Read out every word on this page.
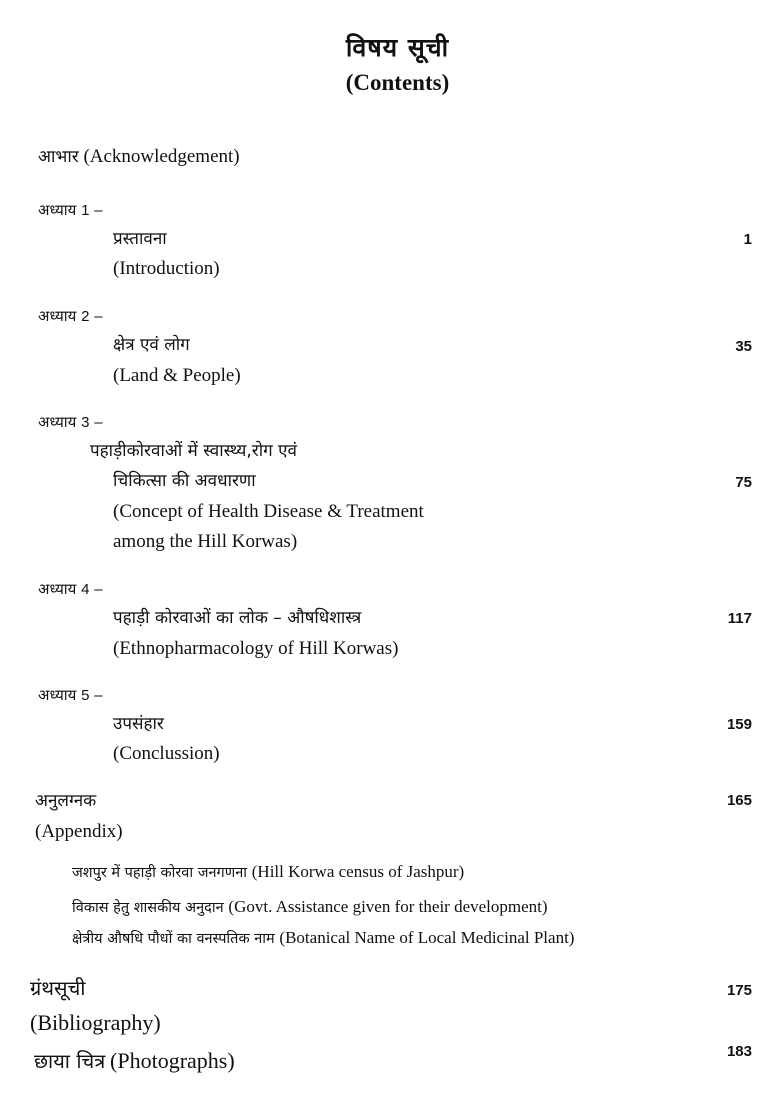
विषय सूची
(Contents)
आभार (Acknowledgement)
अध्याय 1 –
प्रस्तावना	1
(Introduction)
अध्याय 2 –
क्षेत्र एवं लोग	35
(Land & People)
अध्याय 3 –
पहाड़ीकोरवाओं में स्वास्थ्य,रोग एवं
चिकित्सा की अवधारणा	75
(Concept of Health Disease & Treatment
among the Hill Korwas)
अध्याय 4 –
पहाड़ी कोरवाओं का लोक – औषधिशास्त्र	117
(Ethnopharmacology of Hill Korwas)
अध्याय 5 –
उपसंहार	159
(Conclussion)
अनुलग्नक	165
(Appendix)
जशपुर में पहाड़ी कोरवा जनगणना (Hill Korwa census of Jashpur)
विकास हेतु शासकीय अनुदान (Govt. Assistance given for their development)
क्षेत्रीय औषधि पौधों का वनस्पतिक नाम (Botanical Name of Local Medicinal Plant)
ग्रंथसूची	175
(Bibliography)
छाया चित्र (Photographs)	183
